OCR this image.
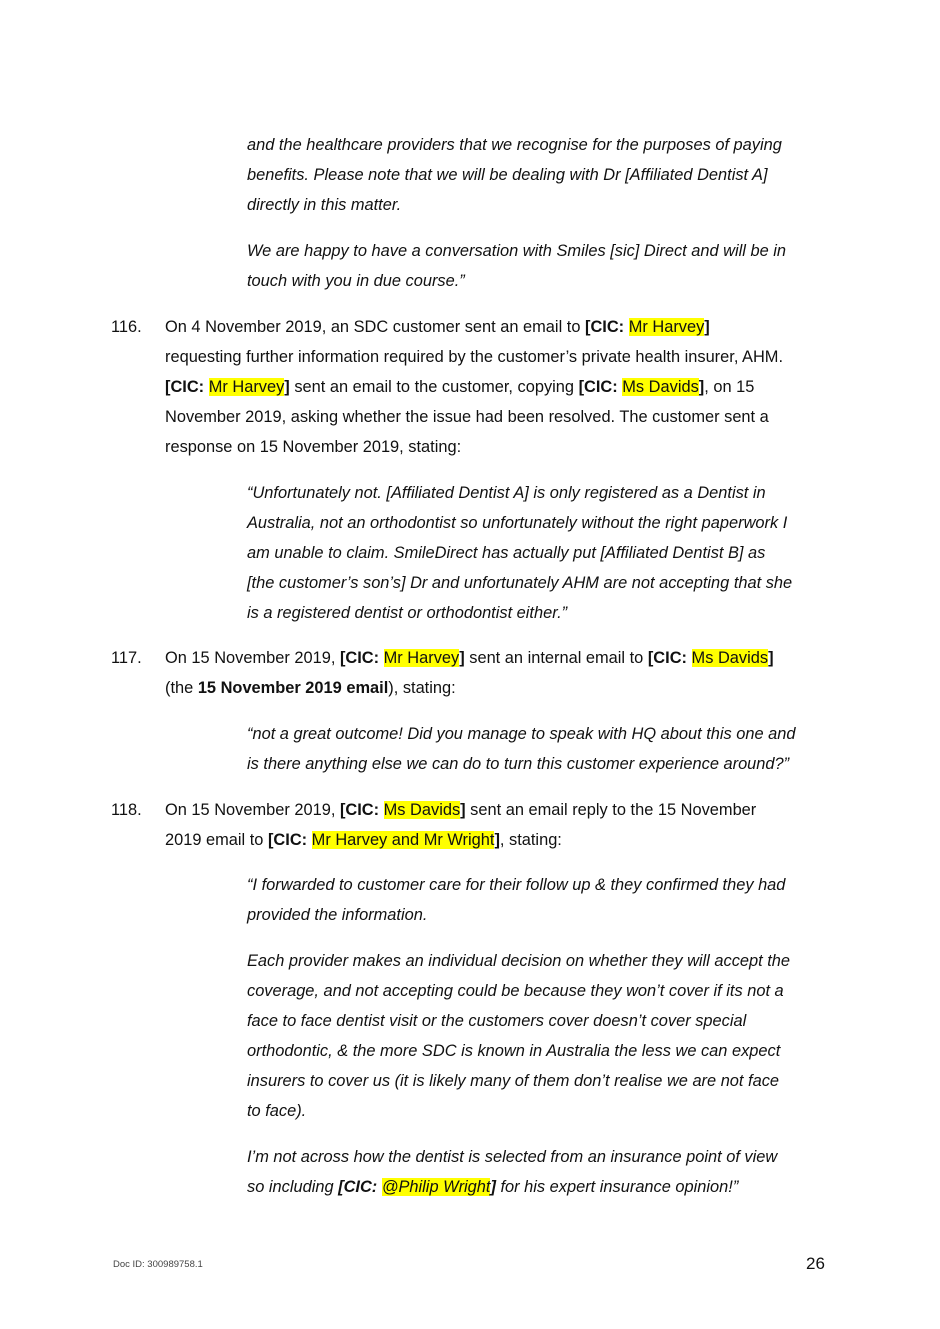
and the healthcare providers that we recognise for the purposes of paying
benefits. Please note that we will be dealing with Dr [Affiliated Dentist A]
directly in this matter.
We are happy to have a conversation with Smiles [sic] Direct and will be in
touch with you in due course.”
116. On 4 November 2019, an SDC customer sent an email to [CIC: Mr Harvey]
requesting further information required by the customer’s private health insurer, AHM.
[CIC: Mr Harvey] sent an email to the customer, copying [CIC: Ms Davids], on 15
November 2019, asking whether the issue had been resolved. The customer sent a
response on 15 November 2019, stating:
“Unfortunately not. [Affiliated Dentist A] is only registered as a Dentist in
Australia, not an orthodontist so unfortunately without the right paperwork I
am unable to claim. SmileDirect has actually put [Affiliated Dentist B] as
[the customer’s son’s] Dr and unfortunately AHM are not accepting that she
is a registered dentist or orthodontist either.”
117. On 15 November 2019, [CIC: Mr Harvey] sent an internal email to [CIC: Ms Davids]
(the 15 November 2019 email), stating:
“not a great outcome! Did you manage to speak with HQ about this one and
is there anything else we can do to turn this customer experience around?”
118. On 15 November 2019, [CIC: Ms Davids] sent an email reply to the 15 November
2019 email to [CIC: Mr Harvey and Mr Wright], stating:
“I forwarded to customer care for their follow up & they confirmed they had
provided the information.
Each provider makes an individual decision on whether they will accept the
coverage, and not accepting could be because they won’t cover if its not a
face to face dentist visit or the customers cover doesn’t cover special
orthodontic, & the more SDC is known in Australia the less we can expect
insurers to cover us (it is likely many of them don’t realise we are not face
to face).
I’m not across how the dentist is selected from an insurance point of view
so including [CIC: @Philip Wright] for his expert insurance opinion!”
Doc ID: 300989758.1	26
